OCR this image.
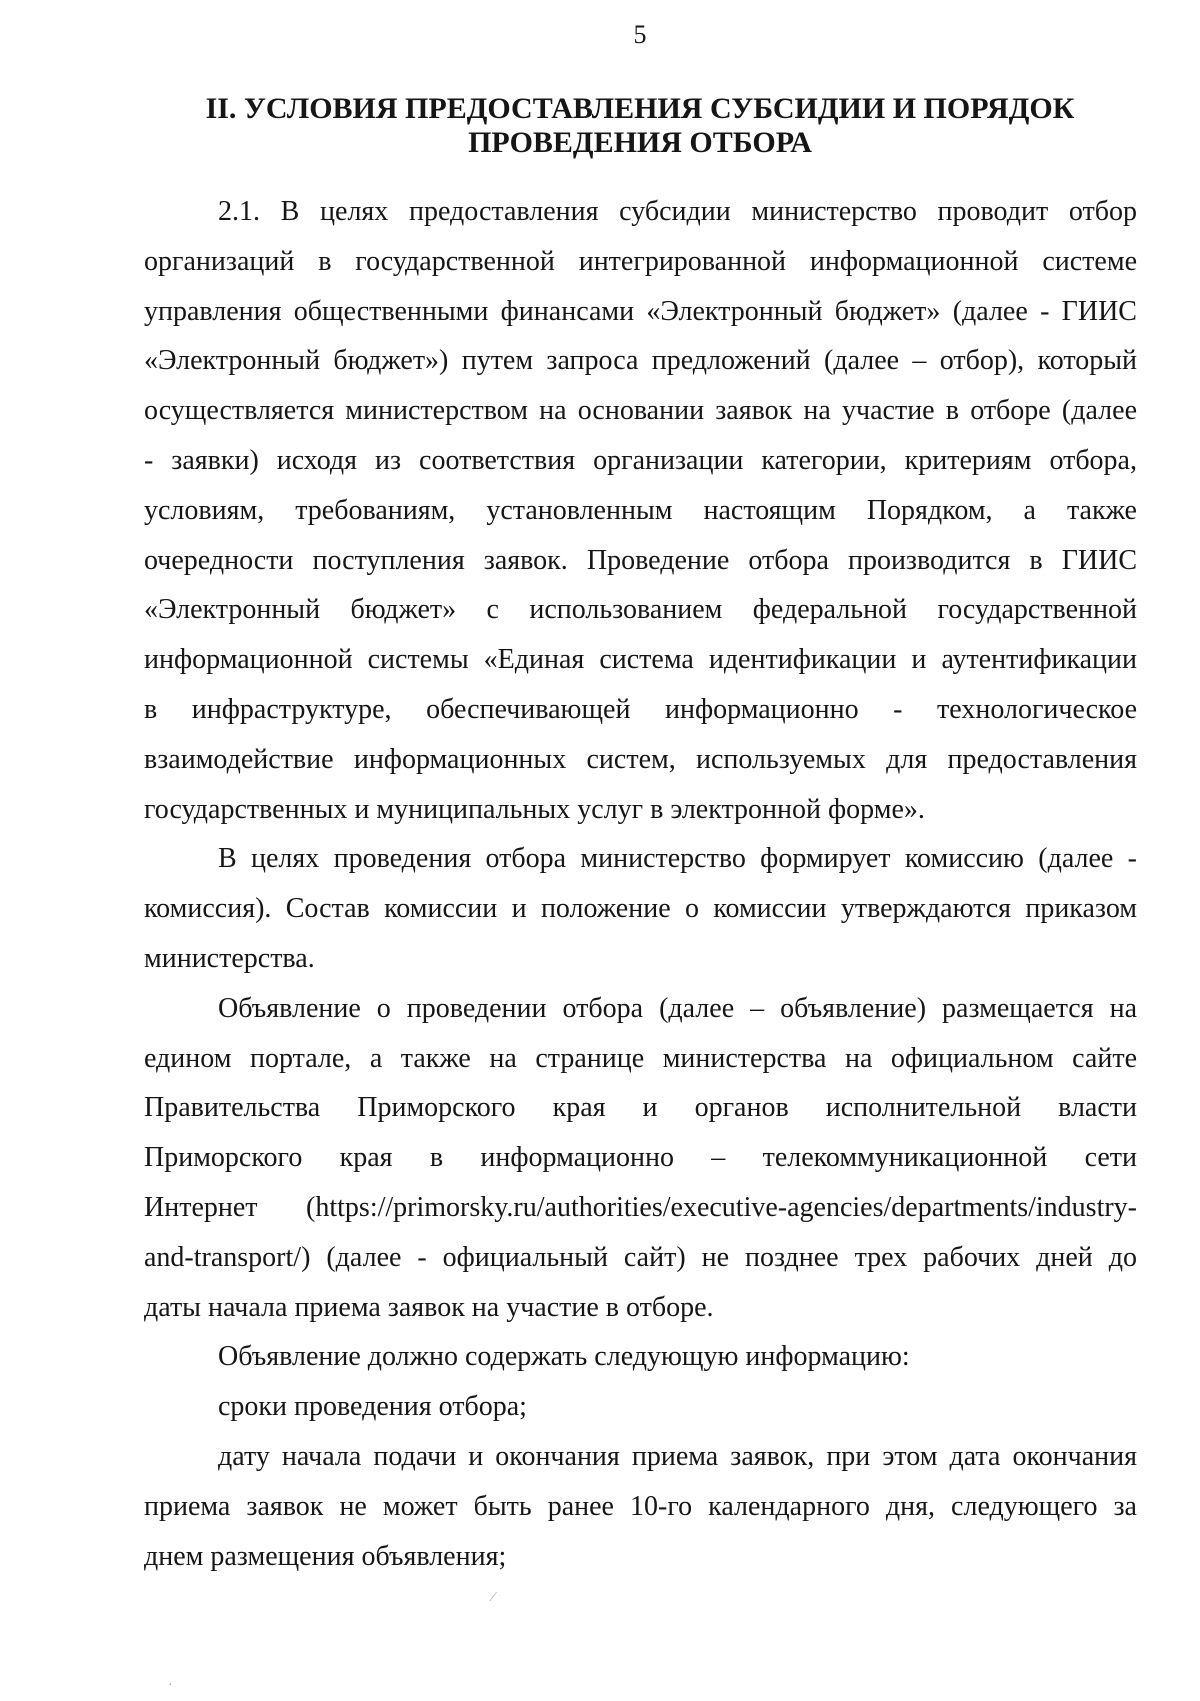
5
II. УСЛОВИЯ ПРЕДОСТАВЛЕНИЯ СУБСИДИИ И ПОРЯДОК
ПРОВЕДЕНИЯ ОТБОРА
2.1. В целях предоставления субсидии министерство проводит отбор
организаций в государственной интегрированной информационной системе
управления общественными финансами «Электронный бюджет» (далее - ГИИС
«Электронный бюджет») путем запроса предложений (далее – отбор), который
осуществляется министерством на основании заявок на участие в отборе (далее
- заявки) исходя из соответствия организации категории, критериям отбора,
условиям, требованиям, установленным настоящим Порядком, а также
очередности поступления заявок. Проведение отбора производится в ГИИС
«Электронный бюджет» с использованием федеральной государственной
информационной системы «Единая система идентификации и аутентификации
в инфраструктуре, обеспечивающей информационно - технологическое
взаимодействие информационных систем, используемых для предоставления
государственных и муниципальных услуг в электронной форме».
В целях проведения отбора министерство формирует комиссию (далее -
комиссия). Состав комиссии и положение о комиссии утверждаются приказом
министерства.
Объявление о проведении отбора (далее – объявление) размещается на
едином портале, а также на странице министерства на официальном сайте
Правительства Приморского края и органов исполнительной власти
Приморского края в информационно – телекоммуникационной сети
Интернет (https://primorsky.ru/authorities/executive-agencies/departments/industry-
and-transport/) (далее - официальный сайт) не позднее трех рабочих дней до
даты начала приема заявок на участие в отборе.
Объявление должно содержать следующую информацию:
сроки проведения отбора;
дату начала подачи и окончания приема заявок, при этом дата окончания
приема заявок не может быть ранее 10-го календарного дня, следующего за
днем размещения объявления;
⁄
·
